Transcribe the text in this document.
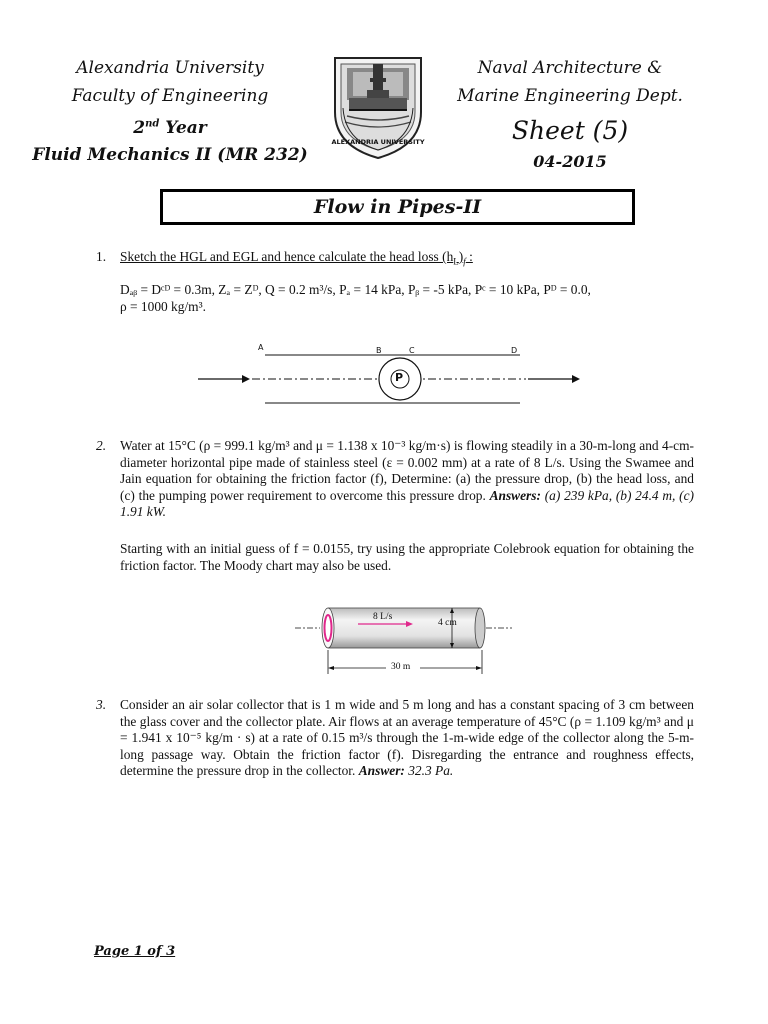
Alexandria University
Faculty of Engineering
2nd Year
Fluid Mechanics II (MR 232)
Naval Architecture &
Marine Engineering Dept.
Sheet (5)
04-2015
ALEXANDRIA UNIVERSITY
Flow in Pipes-II
1. Sketch the HGL and EGL and hence calculate the head loss $(h_L)_f$ :
Dₐᵦ = Dᶜᴰ = 0.3m, Zₐ = Zᴰ, Q = 0.2 m³/s, Pₐ = 14 kPa, Pᵦ = -5 kPa, Pᶜ = 10 kPa, Pᴰ = 0.0,
ρ = 1000 kg/m³.
A	B	C	D
P
2. Water at 15°C (ρ = 999.1 kg/m³ and μ = 1.138 x 10⁻³ kg/m·s) is flowing steadily in a 30-m-long and 4-cm-diameter horizontal pipe made of stainless steel (ε = 0.002 mm) at a rate of 8 L/s. Using the Swamee and Jain equation for obtaining the friction factor (f), Determine: (a) the pressure drop, (b) the head loss, and (c) the pumping power requirement to overcome this pressure drop. Answers: (a) 239 kPa, (b) 24.4 m, (c) 1.91 kW.
Starting with an initial guess of f = 0.0155, try using the appropriate Colebrook equation for obtaining the friction factor. The Moody chart may also be used.
8 L/s
4 cm
30 m
3. Consider an air solar collector that is 1 m wide and 5 m long and has a constant spacing of 3 cm between the glass cover and the collector plate. Air flows at an average temperature of 45°C (ρ = 1.109 kg/m³ and μ = 1.941 x 10⁻⁵ kg/m · s) at a rate of 0.15 m³/s through the 1-m-wide edge of the collector along the 5-m-long passage way. Obtain the friction factor (f). Disregarding the entrance and roughness effects, determine the pressure drop in the collector. Answer: 32.3 Pa.
Page 1 of 3
